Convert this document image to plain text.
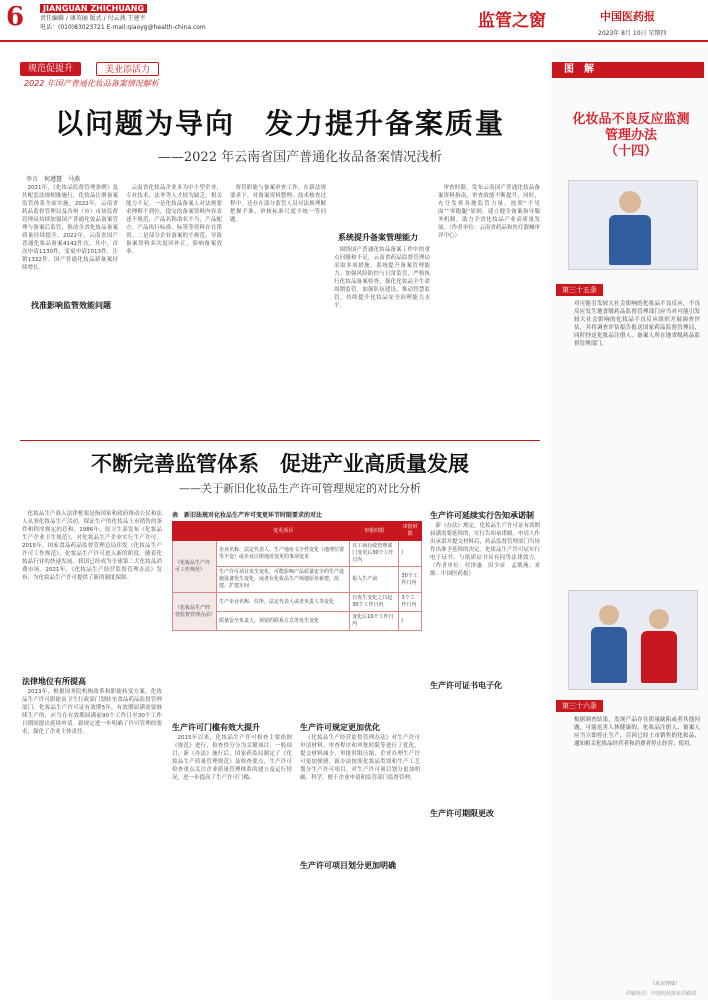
6	JIANGUAN ZHICHUANG
责任编辑 / 康英丽 版式 / 付云燕 王建平
电话：(010)83023721 E-mail:qiaoyg@health-china.com	监管之窗	中国医药报
2023年 8月 10日 星期四
规范促提升	美业添活力
2022 年国产普通化妆品备案情况解析
以问题为导向　发力提升备案质量
——2022 年云南省国产普通化妆品备案情况浅析
李言　何遵慧　马燕

2021年，《化妆品监督管理条例》及其配套法规相继施行，化妆品注册备案监管体系全面实施。2022年，云南省药品监督管理局及各州（市）市场监督管理局持续加强国产普通化妆品备案管理与备案后监管，推动全省化妆品备案质量持续提升。2022年，云南省国产普通化妆品备案4142件次，其中，首次申请1130件，变更申请1013件，注销1332件。国产普通化妆品新备案持续增长。

找准影响监管效能问题

云南省化妆品企业多为中小型企业，专业技术、法务等人才较为缺乏，相关能力不足。一是化妆品备案人对法规要求理解不到位，提交的备案资料内容表述不规范，产品名称命名不当，产品配方、产品执行标准、标签等资料存在错误。二是部分企业备案的不规范，导致备案资料多次退回补正，影响备案效率。

督管职能与备案审查工作。在新法规要求下，对备案资料整理、技术核查过程中，还存在部分监管人员对法规理解把握不准、审核标准尺度不统一等问题。

系统提升备案管理能力

围绕国产普通化妆品备案工作中的重点问题和不足，云南省药品监督管理局采取多项措施，系统提升备案管理能力。加强风险防控与日常监管，严格执行化妆品备案检查，强化化妆品全生命周期监管。加强队伍建设，推动智慧监管，持续提升化妆品安全治理能力水平。

审查时限，发布云南国产普通化妆品备案资料指南，审查效能不断提升，同时，充分发挥各地监管力量，按照“不见面”“零跑腿”原则，建立健全备案指导服务机制，助力全省化妆品产业高质量发展。（作者单位：云南省药品和医疗器械审评中心）

不断完善监管体系　促进产业高质量发展
——关于新旧化妆品生产许可管理规定的对比分析

化妆品生产准入法律框架是指国家和政府推动公民和法人从事化妆品生产活动，保证生产的化妆品上市销售的条件和程序规定的总和。1986年，原卫生部发布《化妆品生产企业卫生规范》，对化妆品生产企业实行生产许可。2015年，国家食品药品监督管理总局印发《化妆品生产许可工作规范》，化妆品生产许可进入新的阶段。随着化妆品行业的快速发展，我国已经成为全球第二大化妆品消费市场。2021年，《化妆品生产经营监督管理办法》发布，为化妆品生产许可提供了新的制度保障。

法律地位有所提高

2013年，根据国务院机构改革和职能转变方案，化妆品生产许可职能由卫生行政部门划转至食品药品监督管理部门。化妆品生产许可证有效期5年，有效期届满需要继续生产的，应当在有效期届满前90个工作日至30个工作日期间提出延续申请。新规定进一步明确了许可管理的要求，强化了企业主体责任。

表　新旧法规对化妆品生产许可变更环节时限要求的对比
	变更项目	审批时限	审批时限
《化妆品生产许可工作规范》	企业名称、法定代表人、生产地址文字性变化（地理位置等不变）或企业注册地址变更的事项变更	在工商行政管理部门变更后30个工作日内	/
	生产许可项目发生变化、可能影响产品质量安全的生产设施设备发生变化，或者在化妆品生产场地原址新建、改建、扩建车间	报入生产前	30个工作日内
《化妆品生产经营监督管理办法》	生产企业名称、住所、法定代表人或者负责人等变化	自发生变化之日起30个工作日内	3个工作日内
	质量安全负责人、预留的联系方式等发生变化	变化后10个工作日内	/
生产许可门槛有效大提升

2015年以来，化妆品生产许可检查主要依据《规范》进行，检查得分分为关键项目、一般项目。新《办法》施行后，国家药监局制定了《化妆品生产质量管理规范》及检查要点，生产许可检查重点关注企业质量管理体系的建立及运行情况，进一步提高了生产许可门槛。

生产许可规定更加优化

《化妆品生产经营监督管理办法》对生产许可申请材料、审查程序和审批时限等进行了优化，提交材料减少，审批时限压缩，企业办理生产许可更加便捷。新办法按照化妆品类别和生产工艺划分生产许可项目，对生产许可项目划分更加明确、科学，便于企业申请和监管部门监督管理。

生产许可项目划分更加明确
生产许可延续实行告知承诺制

新《办法》规定，化妆品生产许可证有效期届满需要延续的，实行告知承诺制。申请人作出承诺并提交材料后，药品监督管理部门当场作出准予延续的决定。化妆品生产许可证实行电子证书，与纸质证书具有同等法律效力。（作者单位：付泽惠　田少彦　孟敏燕；来源：中国医药报）

生产许可证书电子化
生产许可期限更改
图　解
化妆品不良反应监测
管理办法
（十四）
第三十五条
对可能引发较大社会影响的化妆品不良反应，不良反应发生地省级药品监督管理部门应当对可能引发较大社会影响的化妆品不良反应组织开展调查评估，并将调查评估报告报送国家药品监督管理局，同时抄送化妆品注册人、备案人所在地省级药品监督管理部门。
第三十六条
根据调查结果，发现产品存在质量缺陷或者其他问题，可能危害人体健康的，化妆品注册人、备案人应当立即停止生产，召回已经上市销售的化妆品，通知相关化妆品经营者和消费者停止经营、使用。
（未完待续）
印刷单位：中国医药报社印刷部
